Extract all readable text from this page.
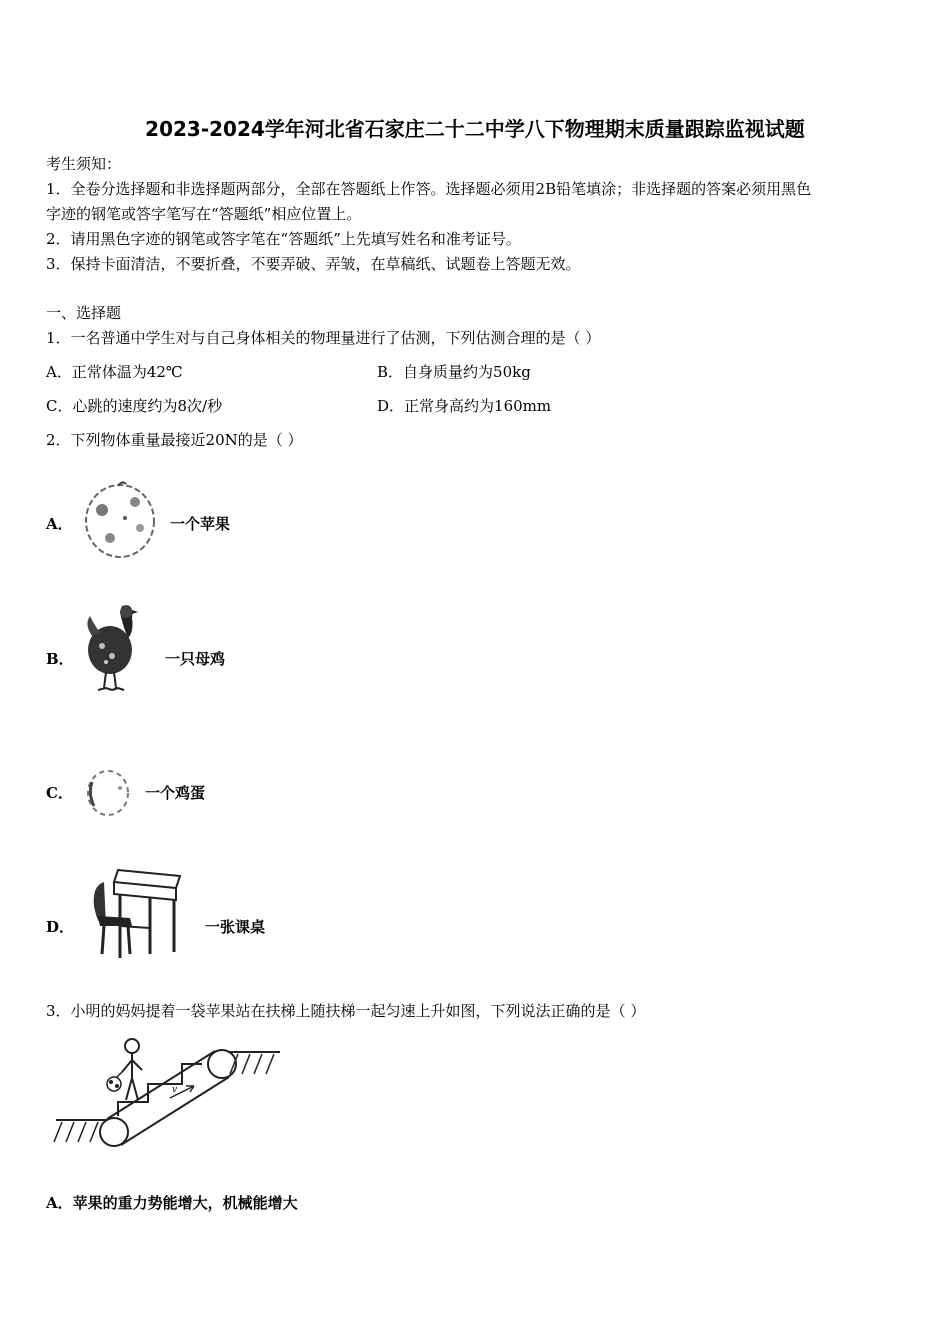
2023-2024学年河北省石家庄二十二中学八下物理期末质量跟踪监视试题
考生须知：
1．全卷分选择题和非选择题两部分，全部在答题纸上作答。选择题必须用2B铅笔填涂；非选择题的答案必须用黑色
字迹的钢笔或答字笔写在“答题纸”相应位置上。
2．请用黑色字迹的钢笔或答字笔在“答题纸”上先填写姓名和准考证号。
3．保持卡面清洁，不要折叠，不要弄破、弄皱，在草稿纸、试题卷上答题无效。
一、选择题
1．一名普通中学生对与自己身体相关的物理量进行了估测，下列估测合理的是（ ）
A．正常体温为42℃	B．自身质量约为50kg
C．心跳的速度约为8次/秒	D．正常身高约为160mm
2．下列物体重量最接近20N的是（ ）
A．	一个苹果
B．	一只母鸡
C．	一个鸡蛋
D．	一张课桌
3．小明的妈妈提着一袋苹果站在扶梯上随扶梯一起匀速上升如图，下列说法正确的是（ ）
v
A．苹果的重力势能增大，机械能增大
